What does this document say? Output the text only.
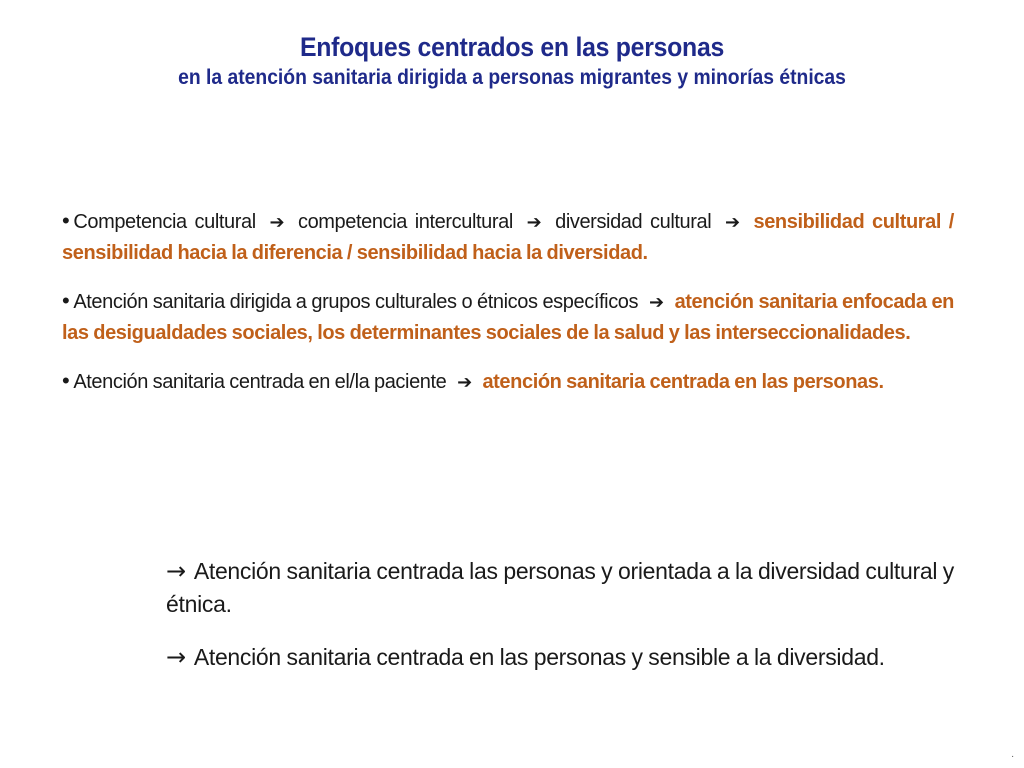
Enfoques centrados en las personas
en la atención sanitaria dirigida a personas migrantes y minorías étnicas
• Competencia cultural ➔ competencia intercultural ➔ diversidad cultural ➔ sensibilidad cultural / sensibilidad hacia la diferencia / sensibilidad hacia la diversidad.
• Atención sanitaria dirigida a grupos culturales o étnicos específicos ➔ atención sanitaria enfocada en las desigualdades sociales, los determinantes sociales de la salud y las interseccionalidades.
• Atención sanitaria centrada en el/la paciente ➔ atención sanitaria centrada en las personas.
→ Atención sanitaria centrada las personas y orientada a la diversidad cultural y étnica.
→ Atención sanitaria centrada en las personas y sensible a la diversidad.
.
